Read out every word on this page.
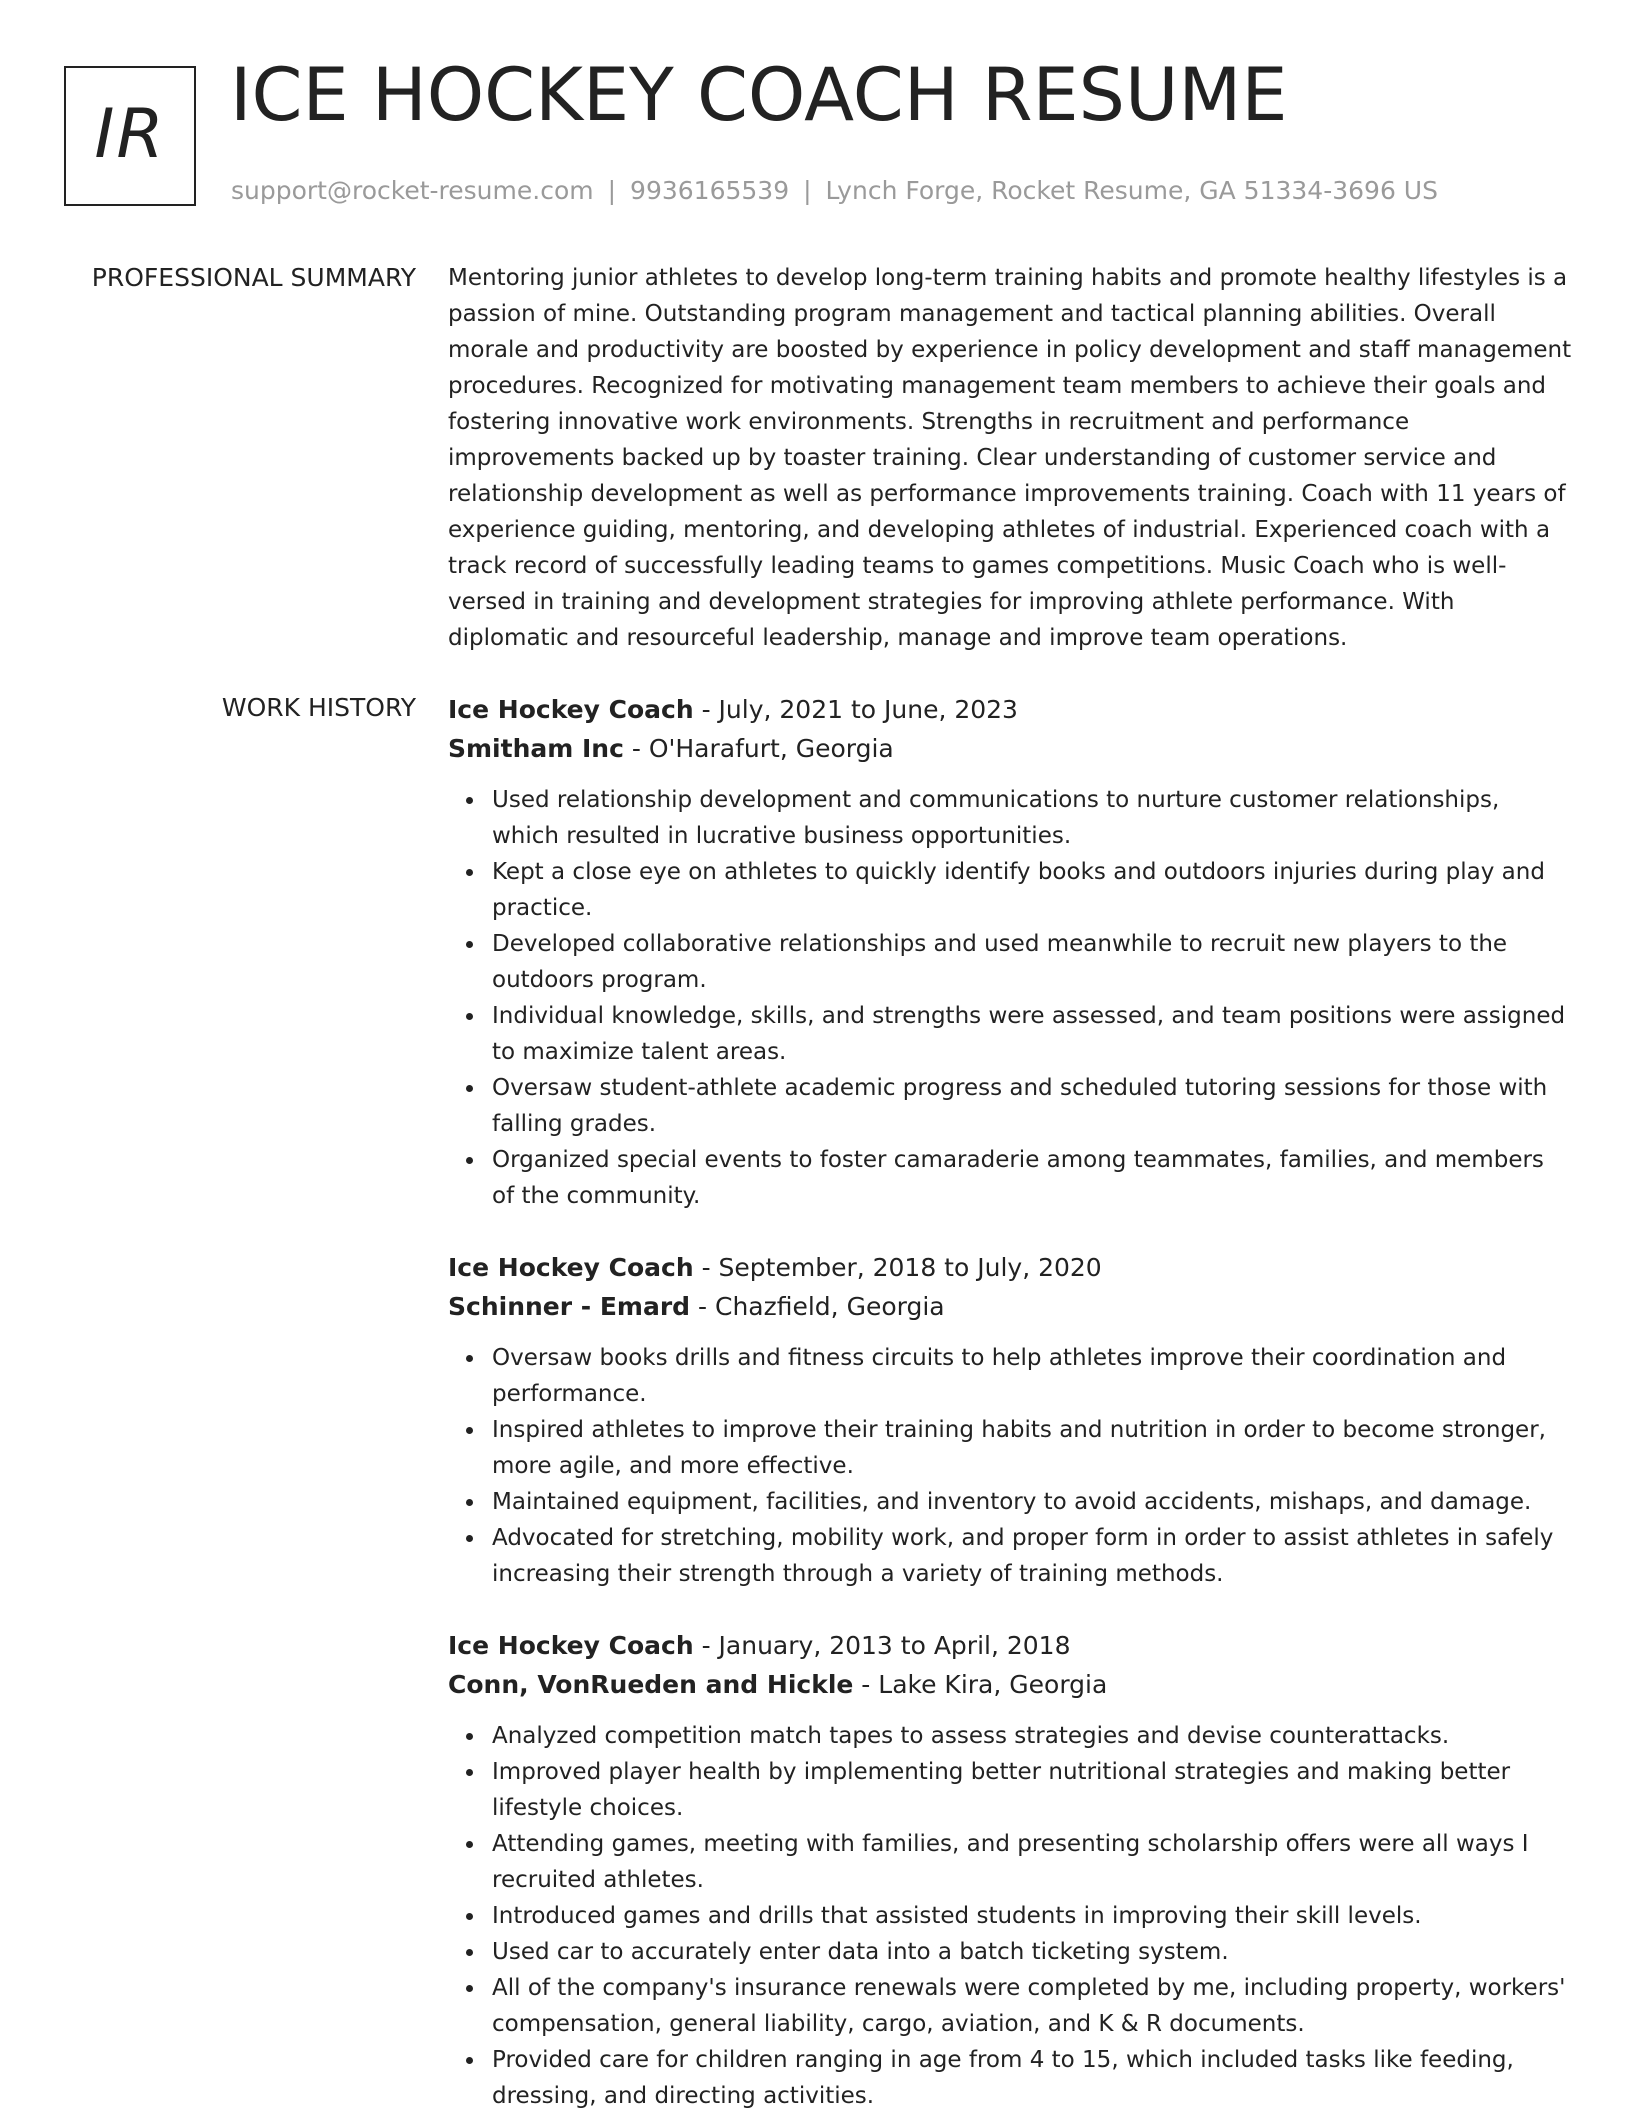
IR ICE HOCKEY COACH RESUME
support@rocket-resume.com | 9936165539 | Lynch Forge, Rocket Resume, GA 51334-3696 US
PROFESSIONAL SUMMARY Mentoring junior athletes to develop long-term training habits and promote healthy lifestyles is a passion of mine. Outstanding program management and tactical planning abilities. Overall morale and productivity are boosted by experience in policy development and staff management procedures. Recognized for motivating management team members to achieve their goals and fostering innovative work environments. Strengths in recruitment and performance improvements backed up by toaster training. Clear understanding of customer service and relationship development as well as performance improvements training. Coach with 11 years of experience guiding, mentoring, and developing athletes of industrial. Experienced coach with a track record of successfully leading teams to games competitions. Music Coach who is well-versed in training and development strategies for improving athlete performance. With diplomatic and resourceful leadership, manage and improve team operations.

WORK HISTORY Ice Hockey Coach - July, 2021 to June, 2023
Smitham Inc - O'Harafurt, Georgia
Used relationship development and communications to nurture customer relationships, which resulted in lucrative business opportunities.
Kept a close eye on athletes to quickly identify books and outdoors injuries during play and practice.
Developed collaborative relationships and used meanwhile to recruit new players to the outdoors program.
Individual knowledge, skills, and strengths were assessed, and team positions were assigned to maximize talent areas.
Oversaw student-athlete academic progress and scheduled tutoring sessions for those with falling grades.
Organized special events to foster camaraderie among teammates, families, and members of the community.
Ice Hockey Coach - September, 2018 to July, 2020
Schinner - Emard - Chazfield, Georgia
Oversaw books drills and fitness circuits to help athletes improve their coordination and performance.
Inspired athletes to improve their training habits and nutrition in order to become stronger, more agile, and more effective.
Maintained equipment, facilities, and inventory to avoid accidents, mishaps, and damage.
Advocated for stretching, mobility work, and proper form in order to assist athletes in safely increasing their strength through a variety of training methods.
Ice Hockey Coach - January, 2013 to April, 2018
Conn, VonRueden and Hickle - Lake Kira, Georgia
Analyzed competition match tapes to assess strategies and devise counterattacks.
Improved player health by implementing better nutritional strategies and making better lifestyle choices.
Attending games, meeting with families, and presenting scholarship offers were all ways I recruited athletes.
Introduced games and drills that assisted students in improving their skill levels.
Used car to accurately enter data into a batch ticketing system.
All of the company's insurance renewals were completed by me, including property, workers' compensation, general liability, cargo, aviation, and K & R documents.
Provided care for children ranging in age from 4 to 15, which included tasks like feeding, dressing, and directing activities.
